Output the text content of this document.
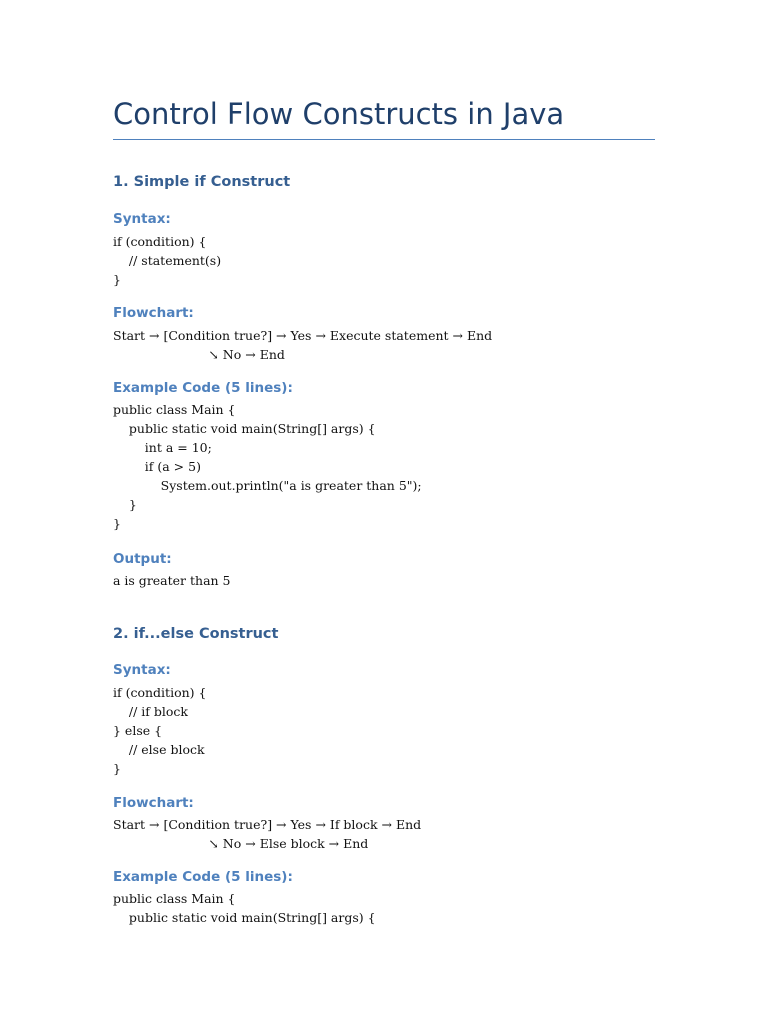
Control Flow Constructs in Java
1. Simple if Construct
Syntax:
if (condition) {
// statement(s)
}
Flowchart:
Start → [Condition true?] → Yes → Execute statement → End
↘ No → End
Example Code (5 lines):
public class Main {
public static void main(String[] args) {
int a = 10;
if (a > 5)
System.out.println("a is greater than 5");
}
}
Output:
a is greater than 5
2. if...else Construct
Syntax:
if (condition) {
// if block
} else {
// else block
}
Flowchart:
Start → [Condition true?] → Yes → If block → End
↘ No → Else block → End
Example Code (5 lines):
public class Main {
public static void main(String[] args) {
